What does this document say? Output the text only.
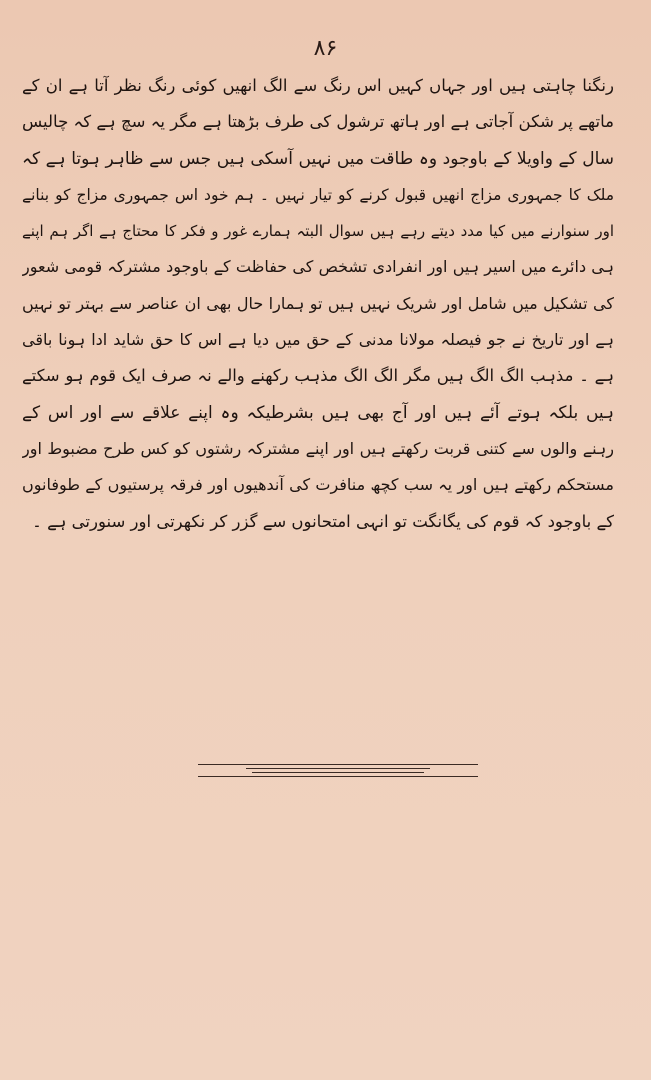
۸۶
رنگنا چاہتی ہیں اور جہاں کہیں اس رنگ سے الگ انھیں کوئی رنگ نظر آتا ہے ان کے
ماتھے پر شکن آجاتی ہے اور ہاتھ ترشول کی طرف بڑھتا ہے مگر یہ سچ ہے کہ چالیس
سال کے واویلا کے باوجود وہ طاقت میں نہیں آسکی ہیں جس سے ظاہر ہوتا ہے کہ
ملک کا جمہوری مزاج انھیں قبول کرنے کو تیار نہیں ۔ ہم خود اس جمہوری مزاج کو بنانے
اور سنوارنے میں کیا مدد دیتے رہے ہیں سوال البتہ ہمارے غور و فکر کا محتاج ہے اگر ہم اپنے
ہی دائرے میں اسیر ہیں اور انفرادی تشخص کی حفاظت کے باوجود مشترکہ قومی شعور
کی تشکیل میں شامل اور شریک نہیں ہیں تو ہمارا حال بھی ان عناصر سے بہتر تو نہیں
ہے اور تاریخ نے جو فیصلہ مولانا مدنی کے حق میں دیا ہے اس کا حق شاید ادا ہونا باقی
ہے ۔ مذہب الگ الگ ہیں مگر الگ الگ مذہب رکھنے والے نہ صرف ایک قوم ہو سکتے
ہیں بلکہ ہوتے آئے ہیں اور آج بھی ہیں بشرطیکہ وہ اپنے علاقے سے اور اس کے
رہنے والوں سے کتنی قربت رکھتے ہیں اور اپنے مشترکہ رشتوں کو کس طرح مضبوط اور
مستحکم رکھتے ہیں اور یہ سب کچھ منافرت کی آندھیوں اور فرقہ پرستیوں کے طوفانوں
کے باوجود کہ قوم کی یگانگت تو انہی امتحانوں سے گزر کر نکھرتی اور سنورتی ہے ۔
